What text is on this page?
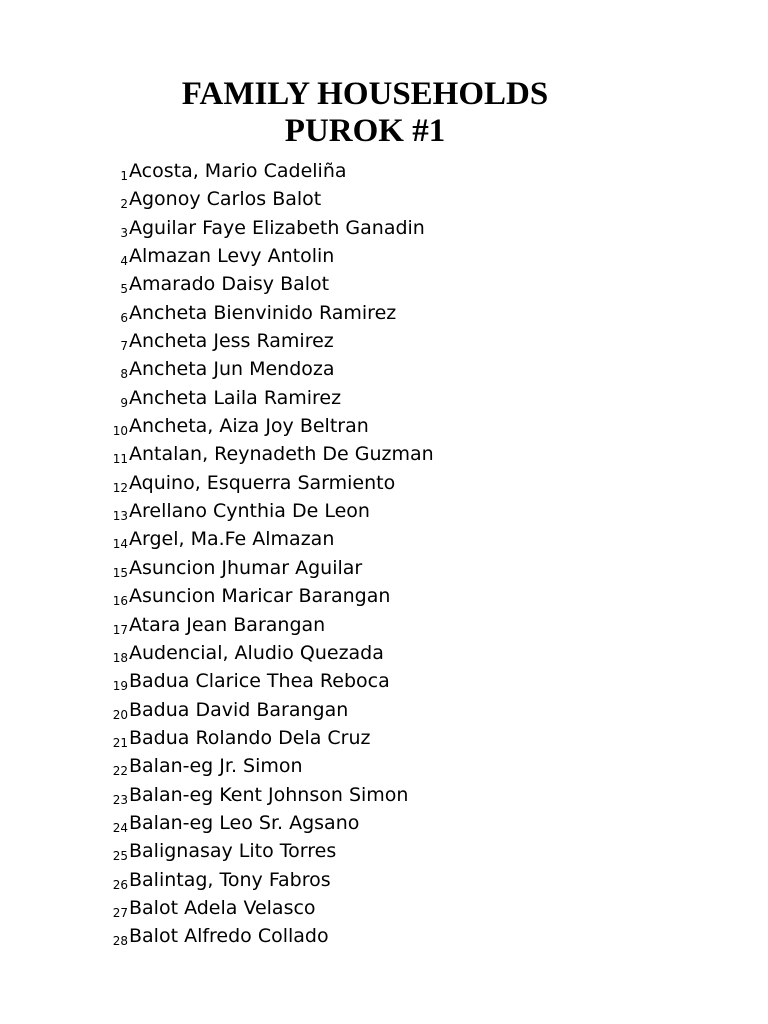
FAMILY HOUSEHOLDS
PUROK #1
1 Acosta, Mario Cadeliña
2 Agonoy Carlos Balot
3 Aguilar Faye Elizabeth Ganadin
4 Almazan Levy Antolin
5 Amarado Daisy Balot
6 Ancheta Bienvinido Ramirez
7 Ancheta Jess Ramirez
8 Ancheta Jun Mendoza
9 Ancheta Laila Ramirez
10 Ancheta, Aiza Joy Beltran
11 Antalan, Reynadeth De Guzman
12 Aquino, Esquerra Sarmiento
13 Arellano Cynthia De Leon
14 Argel, Ma.Fe Almazan
15 Asuncion Jhumar Aguilar
16 Asuncion Maricar Barangan
17 Atara Jean Barangan
18 Audencial, Aludio Quezada
19 Badua Clarice Thea Reboca
20 Badua David Barangan
21 Badua Rolando Dela Cruz
22 Balan-eg Jr. Simon
23 Balan-eg Kent Johnson Simon
24 Balan-eg Leo Sr. Agsano
25 Balignasay Lito Torres
26 Balintag, Tony Fabros
27 Balot Adela Velasco
28 Balot Alfredo Collado
